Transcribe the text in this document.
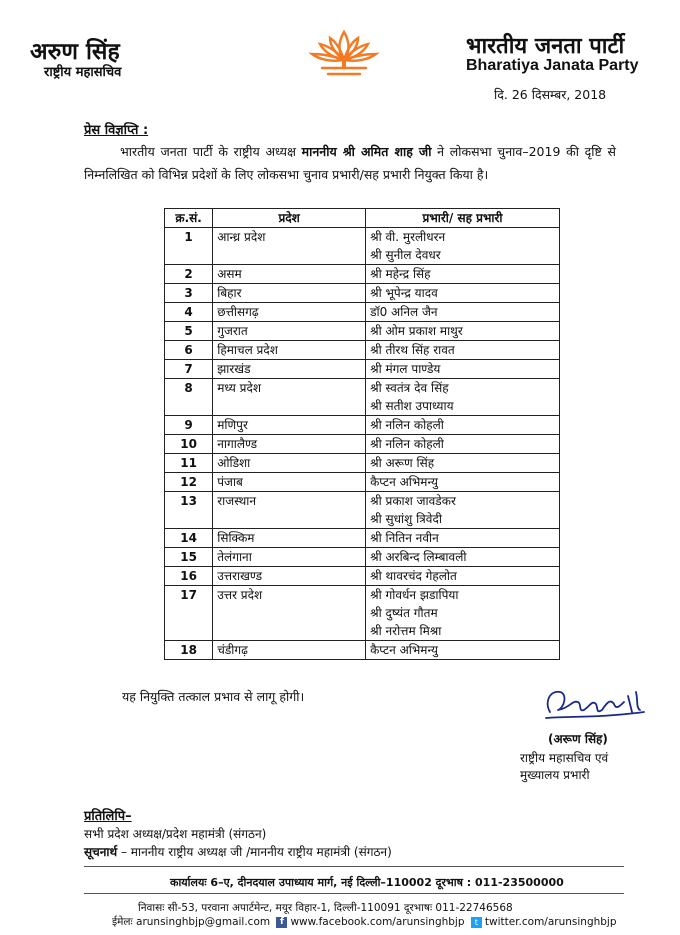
अरुण सिंह
राष्ट्रीय महासचिव
भारतीय जनता पार्टी
Bharatiya Janata Party
दि. 26 दिसम्बर, 2018
प्रेस विज्ञप्ति :
भारतीय जनता पार्टी के राष्ट्रीय अध्यक्ष माननीय श्री अमित शाह जी ने लोकसभा चुनाव–2019 की दृष्टि से निम्नलिखित को विभिन्न प्रदेशों के लिए लोकसभा चुनाव प्रभारी/सह प्रभारी नियुक्त किया है।
क्र.सं.	प्रदेश	प्रभारी/ सह प्रभारी
1	आन्ध्र प्रदेश	श्री वी. मुरलीधरन
		श्री सुनील देवधर
2	असम	श्री महेन्द्र सिंह
3	बिहार	श्री भूपेन्द्र यादव
4	छत्तीसगढ़	डॉ0 अनिल जैन
5	गुजरात	श्री ओम प्रकाश माथुर
6	हिमाचल प्रदेश	श्री तीरथ सिंह रावत
7	झारखंड	श्री मंगल पाण्डेय
8	मध्य प्रदेश	श्री स्वतंत्र देव सिंह
		श्री सतीश उपाध्याय
9	मणिपुर	श्री नलिन कोहली
10	नागालैण्ड	श्री नलिन कोहली
11	ओडिशा	श्री अरूण सिंह
12	पंजाब	कैप्टन अभिमन्यु
13	राजस्थान	श्री प्रकाश जावडेकर
		श्री सुधांशु त्रिवेदी
14	सिक्किम	श्री नितिन नवीन
15	तेलंगाना	श्री अरबिन्द लिम्बावली
16	उत्तराखण्ड	श्री थावरचंद गेहलोत
17	उत्तर प्रदेश	श्री गोवर्धन झडापिया
		श्री दुष्यंत गौतम
		श्री नरोत्तम मिश्रा
18	चंडीगढ़	कैप्टन अभिमन्यु
यह नियुक्ति तत्काल प्रभाव से लागू होगी।
(अरूण सिंह)
राष्ट्रीय महासचिव एवं
मुख्यालय प्रभारी
प्रतिलिपि–
सभी प्रदेश अध्यक्ष/प्रदेश महामंत्री (संगठन)
सूचनार्थ – माननीय राष्ट्रीय अध्यक्ष जी /माननीय राष्ट्रीय महामंत्री (संगठन)
कार्यालयः 6–ए, दीनदयाल उपाध्याय मार्ग, नई दिल्ली–110002 दूरभाष : 011-23500000
निवासः सी-53, परवाना अपार्टमेन्ट, मयूर विहार-1, दिल्ली-110091 दूरभाषः 011-22746568
ईमेलः arunsinghbjp@gmail.com f www.facebook.com/arunsinghbjp t twitter.com/arunsinghbjp
